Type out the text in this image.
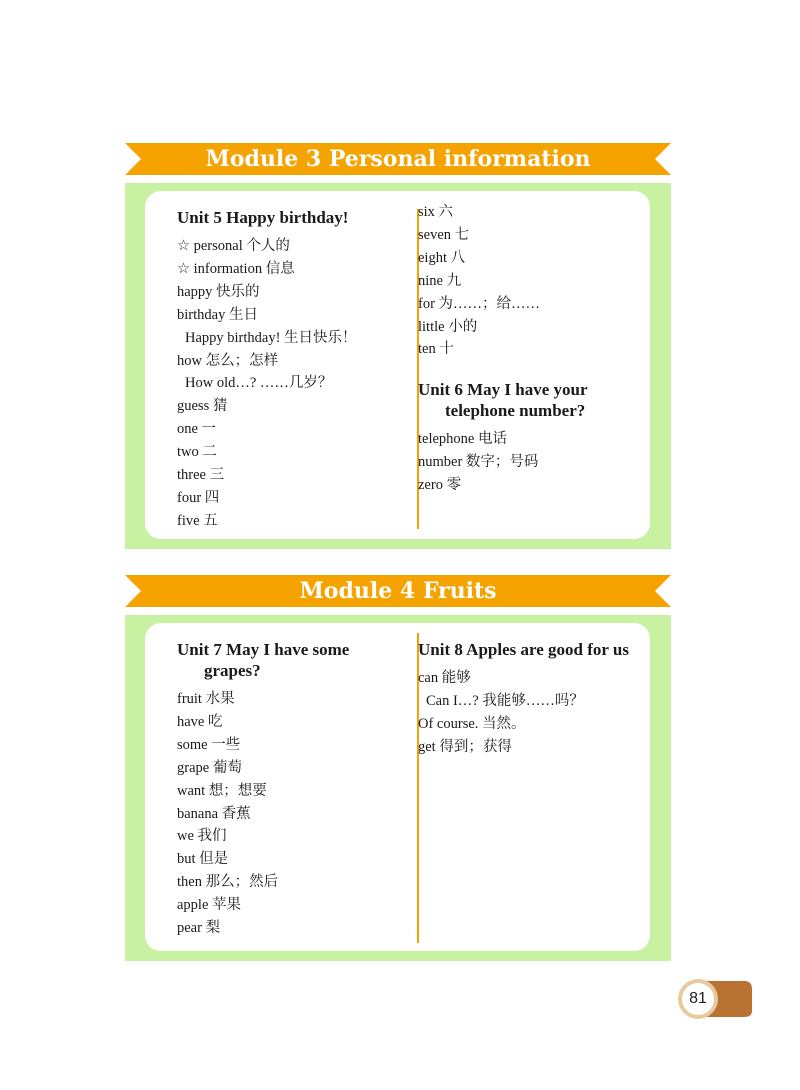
Module 3 Personal information
Unit 5 Happy birthday!
☆ personal 个人的
☆ information 信息
happy 快乐的
birthday 生日
Happy birthday! 生日快乐！
how 怎么；怎样
How old…? ……几岁？
guess 猜
one 一
two 二
three 三
four 四
five 五
six 六
seven 七
eight 八
nine 九
for 为……；给……
little 小的
ten 十
Unit 6 May I have your telephone number?
telephone 电话
number 数字；号码
zero 零
Module 4 Fruits
Unit 7 May I have some grapes?
fruit 水果
have 吃
some 一些
grape 葡萄
want 想；想要
banana 香蕉
we 我们
but 但是
then 那么；然后
apple 苹果
pear 梨
Unit 8 Apples are good for us
can 能够
Can I…? 我能够……吗？
Of course. 当然。
get 得到；获得
81
